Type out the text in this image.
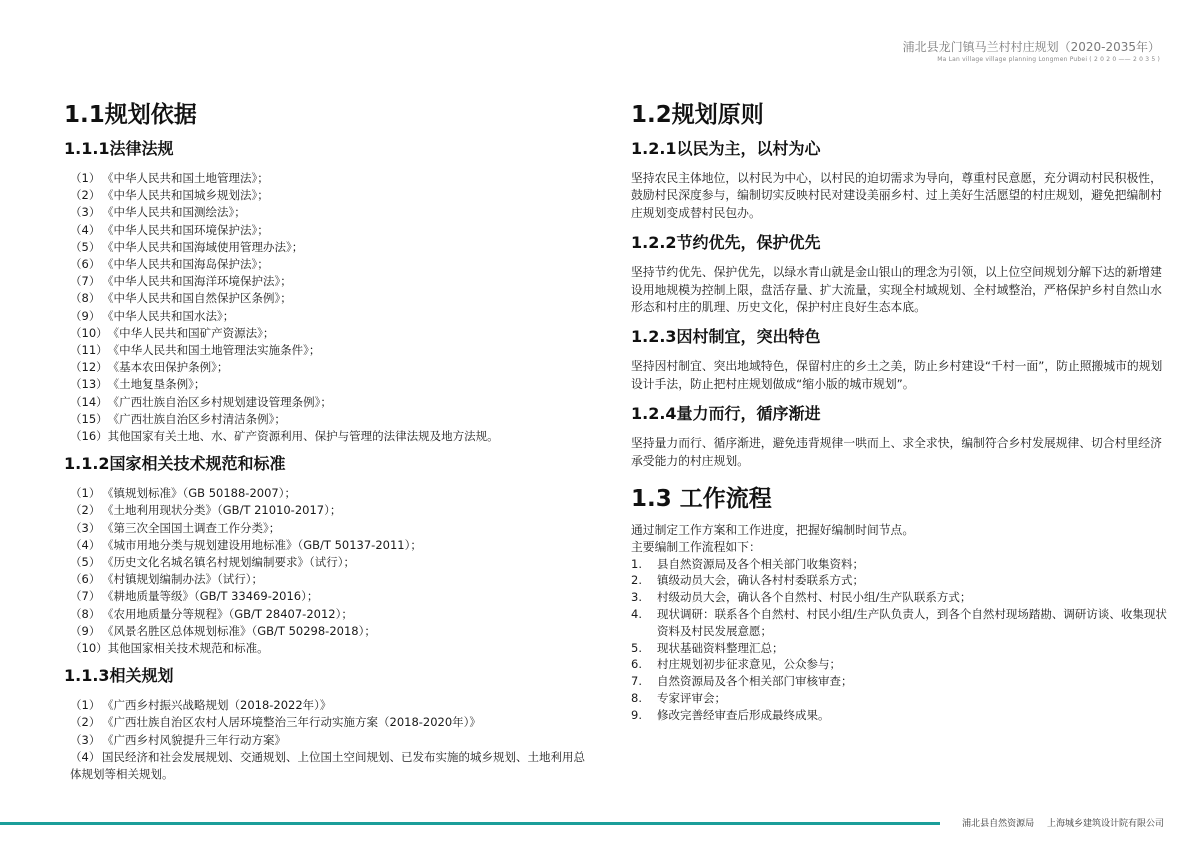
浦北县龙门镇马兰村村庄规划（2020-2035年）
Ma Lan village village planning Longmen Pubei ( 2 0 2 0 —— 2 0 3 5 )
1.1规划依据
1.1.1法律法规
（1） 《中华人民共和国土地管理法》；
（2） 《中华人民共和国城乡规划法》；
（3） 《中华人民共和国测绘法》；
（4） 《中华人民共和国环境保护法》；
（5） 《中华人民共和国海域使用管理办法》；
（6） 《中华人民共和国海岛保护法》；
（7） 《中华人民共和国海洋环境保护法》；
（8） 《中华人民共和国自然保护区条例》；
（9） 《中华人民共和国水法》；
（10）《中华人民共和国矿产资源法》；
（11）《中华人民共和国土地管理法实施条件》；
（12）《基本农田保护条例》；
（13）《土地复垦条例》；
（14）《广西壮族自治区乡村规划建设管理条例》；
（15）《广西壮族自治区乡村清洁条例》；
（16）其他国家有关土地、水、矿产资源利用、保护与管理的法律法规及地方法规。
1.1.2国家相关技术规范和标准
（1） 《镇规划标准》（GB 50188-2007）；
（2） 《土地利用现状分类》（GB/T 21010-2017）；
（3） 《第三次全国国土调查工作分类》；
（4） 《城市用地分类与规划建设用地标准》（GB/T 50137-2011）；
（5） 《历史文化名城名镇名村规划编制要求》（试行）；
（6） 《村镇规划编制办法》（试行）；
（7） 《耕地质量等级》（GB/T 33469-2016）；
（8） 《农用地质量分等规程》（GB/T 28407-2012）；
（9） 《风景名胜区总体规划标准》（GB/T 50298-2018）；
（10）其他国家相关技术规范和标准。
1.1.3相关规划
（1） 《广西乡村振兴战略规划（2018-2022年）》
（2） 《广西壮族自治区农村人居环境整治三年行动实施方案（2018-2020年）》
（3） 《广西乡村风貌提升三年行动方案》
（4） 国民经济和社会发展规划、交通规划、上位国土空间规划、已发布实施的城乡规划、土地利用总体规划等相关规划。
1.2规划原则
1.2.1以民为主，以村为心

坚持农民主体地位，以村民为中心，以村民的迫切需求为导向，尊重村民意愿，充分调动村民积极性，鼓励村民深度参与，编制切实反映村民对建设美丽乡村、过上美好生活愿望的村庄规划，避免把编制村庄规划变成替村民包办。

1.2.2节约优先，保护优先

坚持节约优先、保护优先，以绿水青山就是金山银山的理念为引领，以上位空间规划分解下达的新增建设用地规模为控制上限，盘活存量、扩大流量，实现全村域规划、全村域整治，严格保护乡村自然山水形态和村庄的肌理、历史文化，保护村庄良好生态本底。

1.2.3因村制宜，突出特色

坚持因村制宜、突出地域特色，保留村庄的乡土之美，防止乡村建设“千村一面”，防止照搬城市的规划设计手法，防止把村庄规划做成“缩小版的城市规划”。

1.2.4量力而行，循序渐进

坚持量力而行、循序渐进，避免违背规律一哄而上、求全求快，编制符合乡村发展规律、切合村里经济承受能力的村庄规划。

1.3 工作流程

通过制定工作方案和工作进度，把握好编制时间节点。

主要编制工作流程如下：

1.	县自然资源局及各个相关部门收集资料；
2.	镇级动员大会，确认各村村委联系方式；
3.	村级动员大会，确认各个自然村、村民小组/生产队联系方式；
4.	现状调研：联系各个自然村、村民小组/生产队负责人，到各个自然村现场踏勘、调研访谈、收集现状资料及村民发展意愿；
5.	现状基础资料整理汇总；
6.	村庄规划初步征求意见，公众参与；
7.	自然资源局及各个相关部门审核审查；
8.	专家评审会；
9.	修改完善经审查后形成最终成果。
浦北县自然资源局 上海城乡建筑设计院有限公司
